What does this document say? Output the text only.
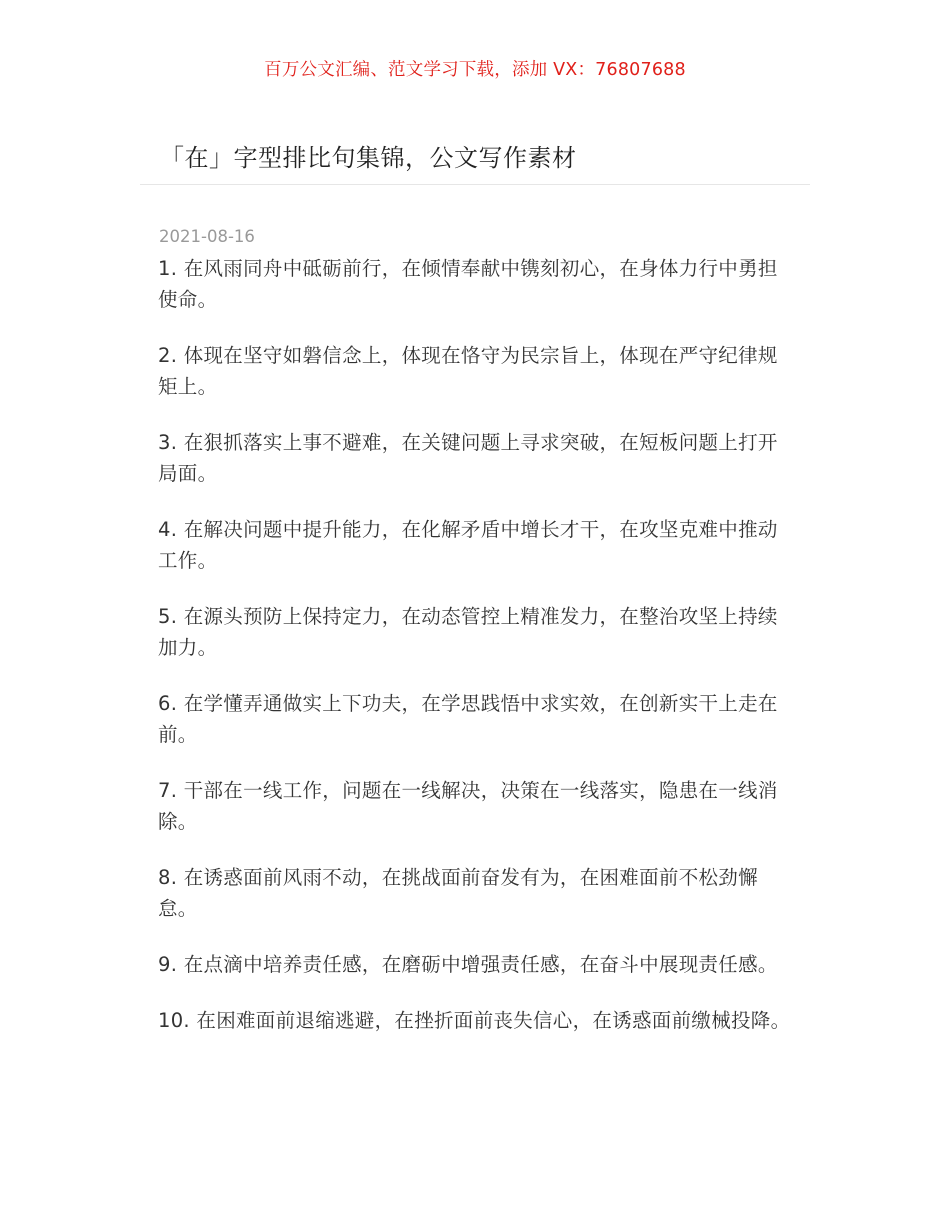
百万公文汇编、范文学习下载，添加 VX：76807688
「在」字型排比句集锦，公文写作素材
2021-08-16

1. 在风雨同舟中砥砺前行，在倾情奉献中镌刻初心，在身体力行中勇担使命。

2. 体现在坚守如磐信念上，体现在恪守为民宗旨上，体现在严守纪律规矩上。

3. 在狠抓落实上事不避难，在关键问题上寻求突破，在短板问题上打开局面。

4. 在解决问题中提升能力，在化解矛盾中增长才干，在攻坚克难中推动工作。

5. 在源头预防上保持定力，在动态管控上精准发力，在整治攻坚上持续加力。

6. 在学懂弄通做实上下功夫，在学思践悟中求实效，在创新实干上走在前。

7. 干部在一线工作，问题在一线解决，决策在一线落实，隐患在一线消除。

8. 在诱惑面前风雨不动，在挑战面前奋发有为，在困难面前不松劲懈怠。

9. 在点滴中培养责任感，在磨砺中增强责任感，在奋斗中展现责任感。

10. 在困难面前退缩逃避，在挫折面前丧失信心，在诱惑面前缴械投降。
